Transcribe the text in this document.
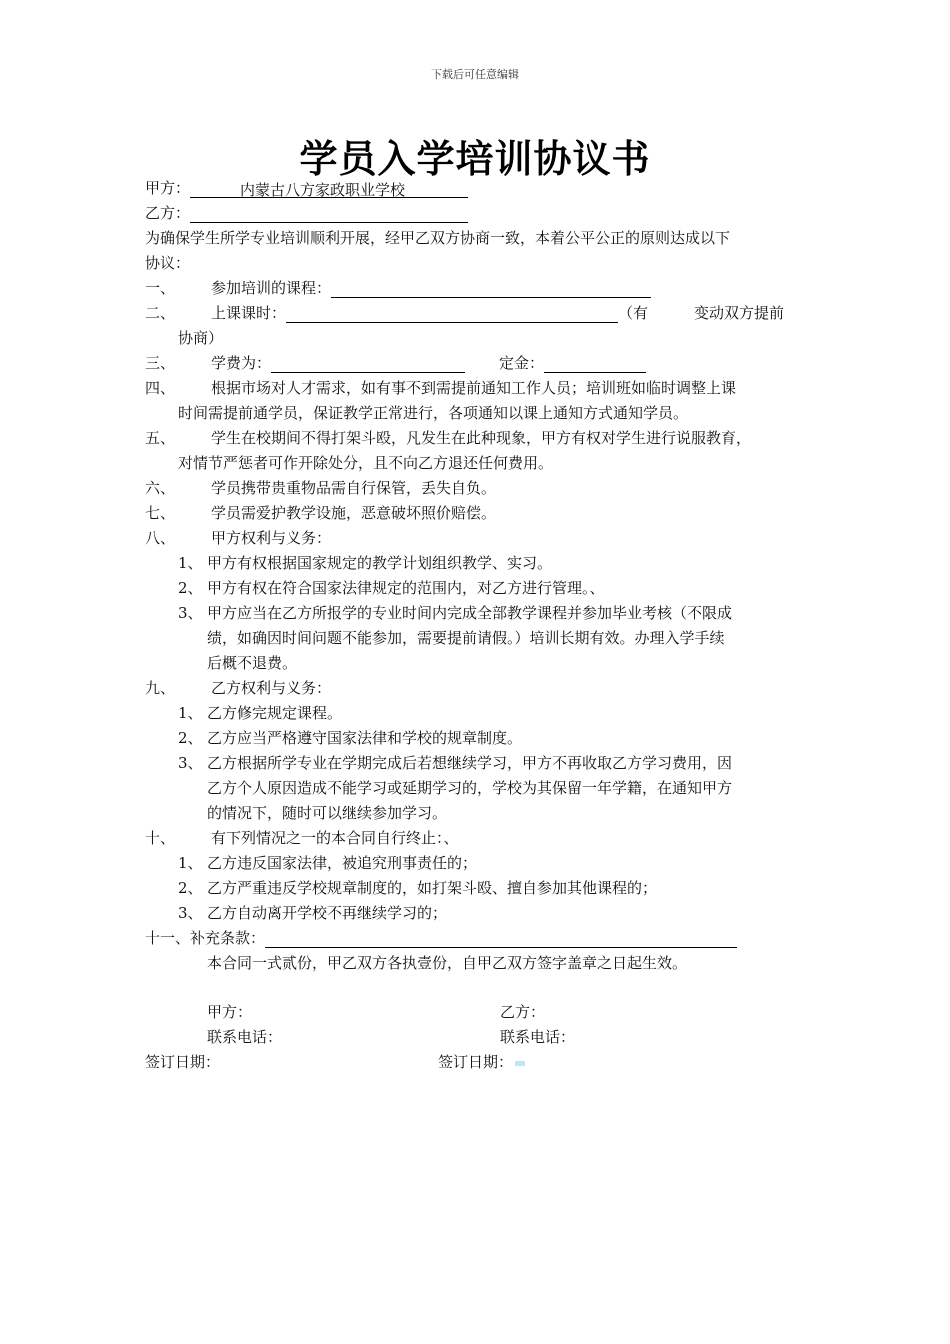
下载后可任意编辑
学员入学培训协议书
甲方：	内蒙古八方家政职业学校
乙方：
为确保学生所学专业培训顺利开展，经甲乙双方协商一致，本着公平公正的原则达成以下
协议：
一、 参加培训的课程：
二、 上课课时：	（有	变动双方提前
协商）
三、 学费为：	定金：
四、 根据市场对人才需求，如有事不到需提前通知工作人员；培训班如临时调整上课
时间需提前通学员，保证教学正常进行，各项通知以课上通知方式通知学员。
五、 学生在校期间不得打架斗殴，凡发生在此种现象，甲方有权对学生进行说服教育，
对情节严惩者可作开除处分，且不向乙方退还任何费用。
六、 学员携带贵重物品需自行保管，丢失自负。
七、 学员需爱护教学设施，恶意破坏照价赔偿。
八、 甲方权利与义务：
1、 甲方有权根据国家规定的教学计划组织教学、实习。
2、 甲方有权在符合国家法律规定的范围内，对乙方进行管理。、
3、 甲方应当在乙方所报学的专业时间内完成全部教学课程并参加毕业考核（不限成
绩，如确因时间问题不能参加，需要提前请假。）培训长期有效。办理入学手续
后概不退费。
九、 乙方权利与义务：
1、 乙方修完规定课程。
2、 乙方应当严格遵守国家法律和学校的规章制度。
3、 乙方根据所学专业在学期完成后若想继续学习，甲方不再收取乙方学习费用，因
乙方个人原因造成不能学习或延期学习的，学校为其保留一年学籍，在通知甲方
的情况下，随时可以继续参加学习。
十、 有下列情况之一的本合同自行终止：、
1、 乙方违反国家法律，被追究刑事责任的；
2、 乙方严重违反学校规章制度的，如打架斗殴、擅自参加其他课程的；
3、 乙方自动离开学校不再继续学习的；
十一、补充条款：
本合同一式贰份，甲乙双方各执壹份，自甲乙双方签字盖章之日起生效。
甲方：	乙方：
联系电话：	联系电话：
签订日期：	签订日期：
